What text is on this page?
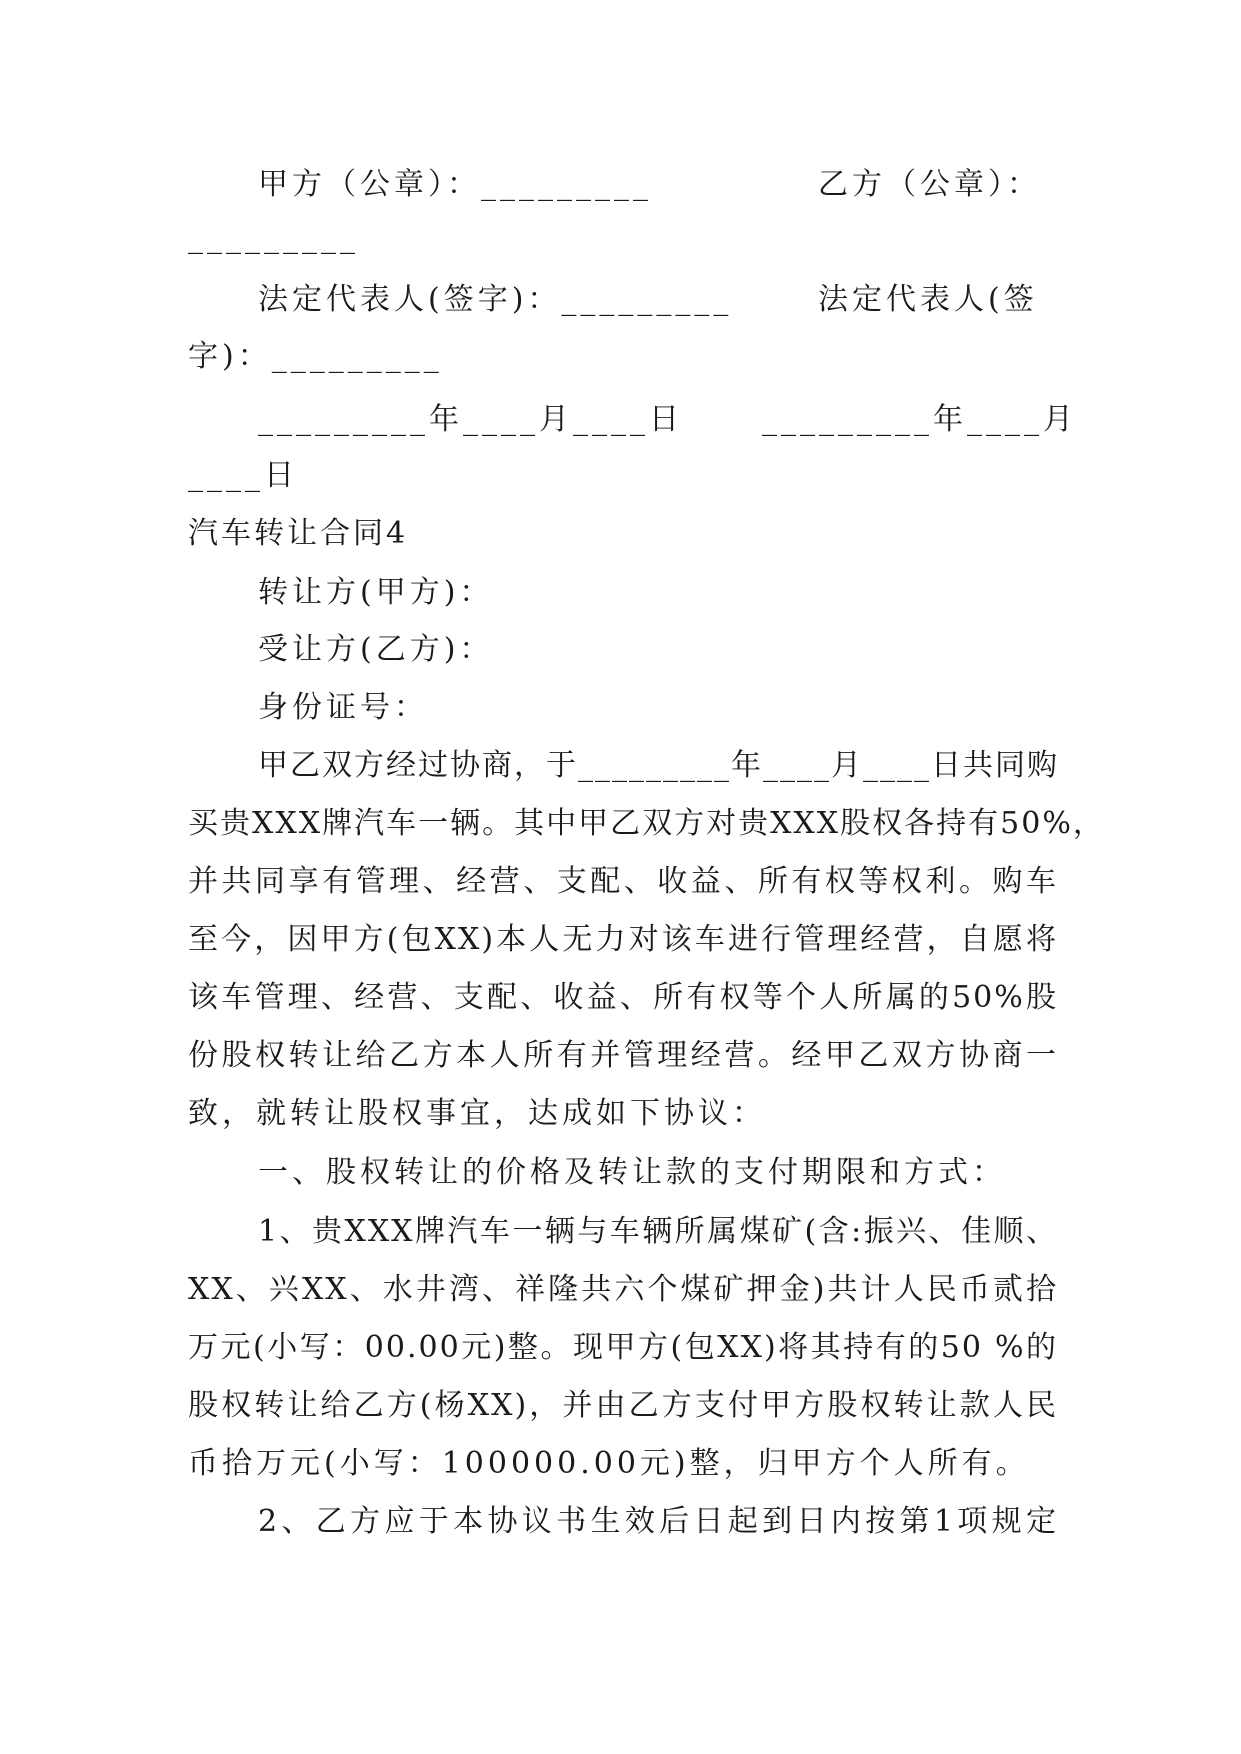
甲方（公章）：_________	乙方（公章）：
_________
法定代表人(签字)：_________	法定代表人(签
字)：_________
_________年____月____日	_________年____月
____日
汽车转让合同4
转让方(甲方)：
受让方(乙方)：
身份证号：
甲乙双方经过协商，于_________年____月____日共同购
买贵XXX牌汽车一辆。其中甲乙双方对贵XXX股权各持有50%，
并共同享有管理、经营、支配、收益、所有权等权利。购车
至今，因甲方(包XX)本人无力对该车进行管理经营，自愿将
该车管理、经营、支配、收益、所有权等个人所属的50%股
份股权转让给乙方本人所有并管理经营。经甲乙双方协商一
致，就转让股权事宜，达成如下协议：
一、股权转让的价格及转让款的支付期限和方式：
1、贵XXX牌汽车一辆与车辆所属煤矿(含:振兴、佳顺、
XX、兴XX、水井湾、祥隆共六个煤矿押金)共计人民币贰拾
万元(小写：00.00元)整。现甲方(包XX)将其持有的50 %的
股权转让给乙方(杨XX)，并由乙方支付甲方股权转让款人民
币拾万元(小写：100000.00元)整，归甲方个人所有。
2、乙方应于本协议书生效后日起到日内按第1项规定
